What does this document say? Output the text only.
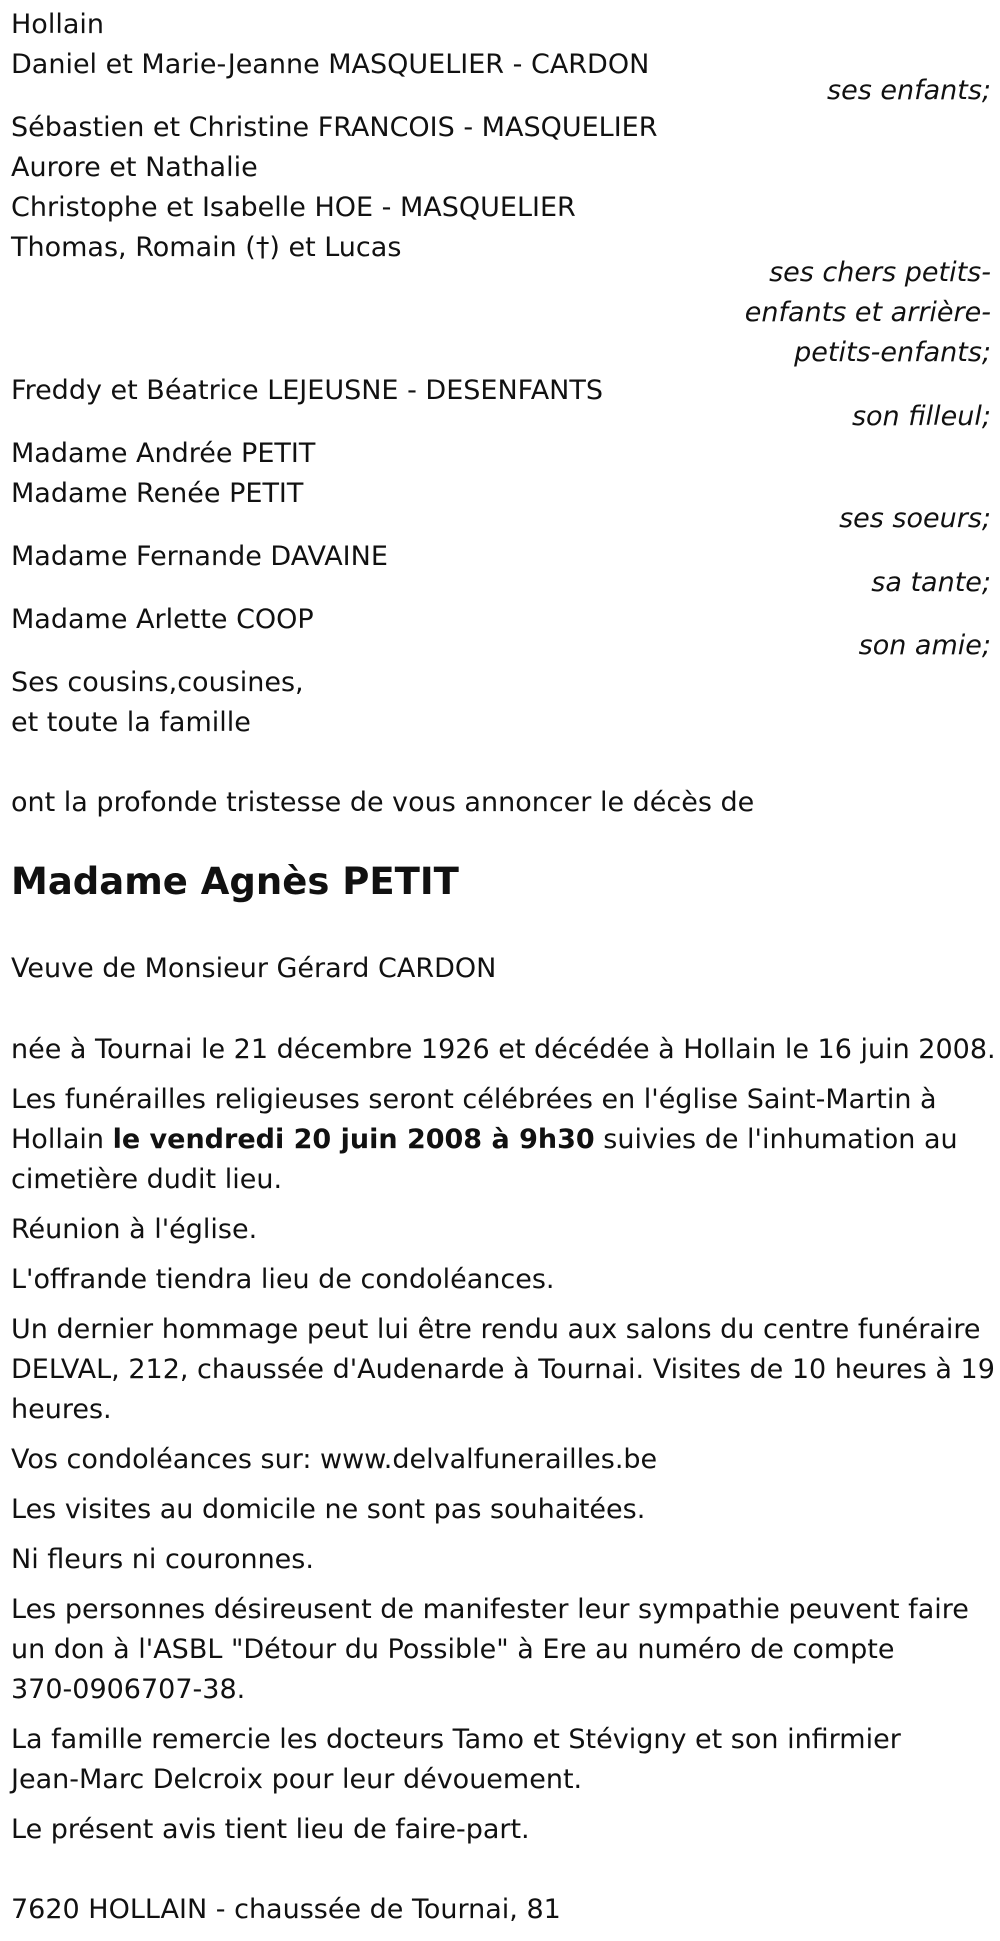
Hollain
Daniel et Marie-Jeanne MASQUELIER - CARDON
ses enfants;
Sébastien et Christine FRANCOIS - MASQUELIER
Aurore et Nathalie
Christophe et Isabelle HOE - MASQUELIER
Thomas, Romain (†) et Lucas
ses chers petits-
enfants et arrière-
petits-enfants;
Freddy et Béatrice LEJEUSNE - DESENFANTS
son filleul;
Madame Andrée PETIT
Madame Renée PETIT
ses soeurs;
Madame Fernande DAVAINE
sa tante;
Madame Arlette COOP
son amie;
Ses cousins,cousines,
et toute la famille
ont la profonde tristesse de vous annoncer le décès de
Madame Agnès PETIT
Veuve de Monsieur Gérard CARDON
née à Tournai le 21 décembre 1926 et décédée à Hollain le 16 juin 2008.
Les funérailles religieuses seront célébrées en l'église Saint-Martin à
Hollain le vendredi 20 juin 2008 à 9h30 suivies de l'inhumation au
cimetière dudit lieu.
Réunion à l'église.
L'offrande tiendra lieu de condoléances.
Un dernier hommage peut lui être rendu aux salons du centre funéraire
DELVAL, 212, chaussée d'Audenarde à Tournai. Visites de 10 heures à 19
heures.
Vos condoléances sur: www.delvalfunerailles.be
Les visites au domicile ne sont pas souhaitées.
Ni fleurs ni couronnes.
Les personnes désireusent de manifester leur sympathie peuvent faire
un don à l'ASBL "Détour du Possible" à Ere au numéro de compte
370-0906707-38.
La famille remercie les docteurs Tamo et Stévigny et son infirmier
Jean-Marc Delcroix pour leur dévouement.
Le présent avis tient lieu de faire-part.
7620 HOLLAIN - chaussée de Tournai, 81
